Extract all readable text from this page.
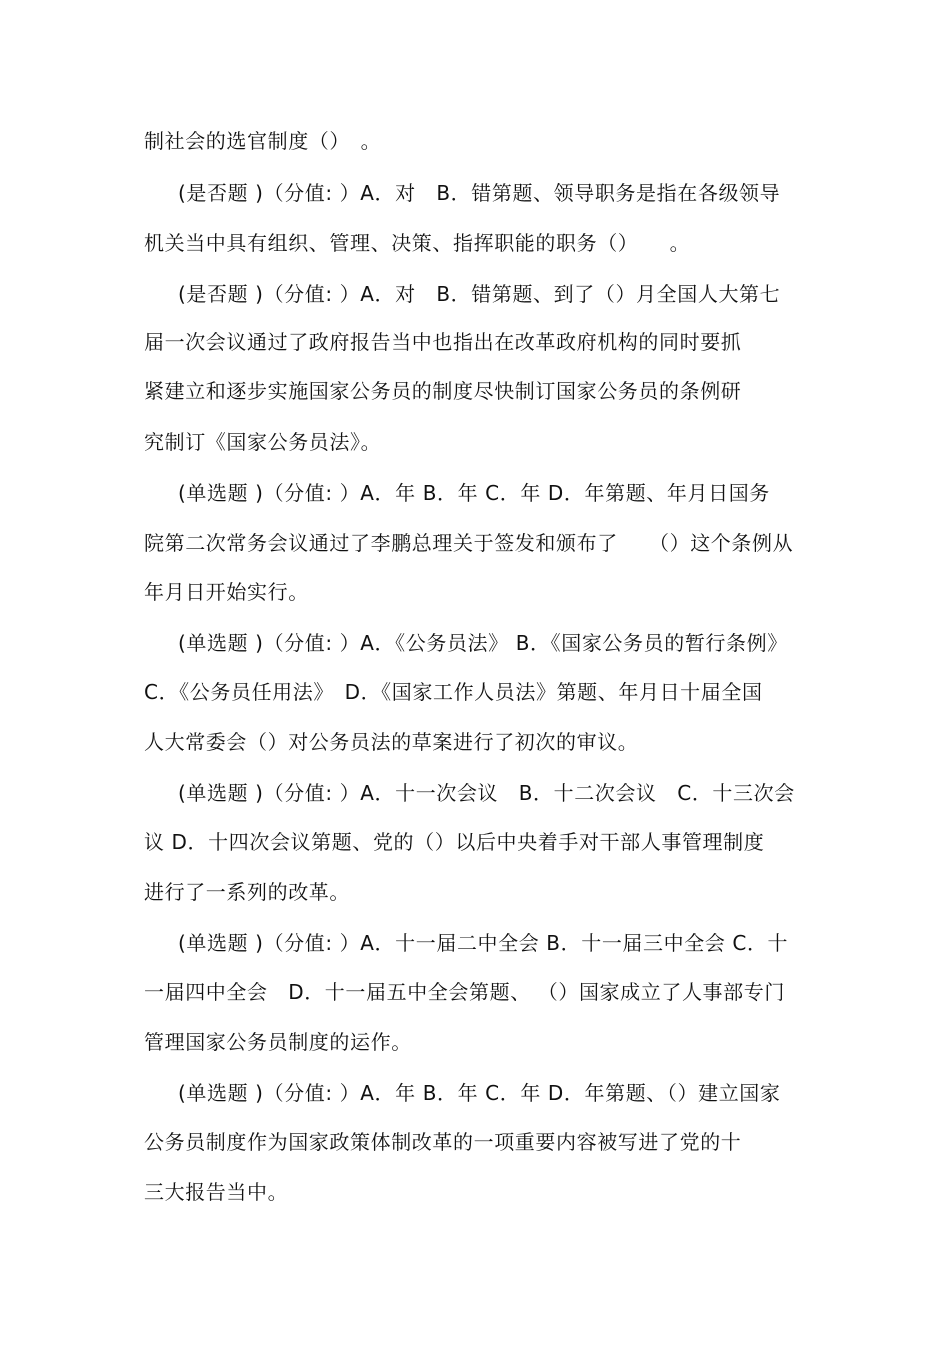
制社会的选官制度（）　。
(是否题 )（分值: ）A．对　B．错第题、领导职务是指在各级领导
机关当中具有组织、管理、决策、指挥职能的职务（）　　。
(是否题 )（分值: ）A．对　B．错第题、到了（）月全国人大第七
届一次会议通过了政府报告当中也指出在改革政府机构的同时要抓
紧建立和逐步实施国家公务员的制度尽快制订国家公务员的条例研
究制订《国家公务员法》。
(单选题 )（分值: ）A．年 B．年 C．年 D．年第题、年月日国务
院第二次常务会议通过了李鹏总理关于签发和颁布了　　（）这个条例从
年月日开始实行。
(单选题 )（分值: ）A．《公务员法》 B．《国家公务员的暂行条例》
C．《公务员任用法》　D．《国家工作人员法》第题、年月日十届全国
人大常委会（）对公务员法的草案进行了初次的审议。
(单选题 )（分值: ）A．十一次会议　B．十二次会议　C．十三次会
议 D．十四次会议第题、党的（）以后中央着手对干部人事管理制度
进行了一系列的改革。
(单选题 )（分值: ）A．十一届二中全会 B．十一届三中全会 C．十
一届四中全会　D．十一届五中全会第题、 （）国家成立了人事部专门
管理国家公务员制度的运作。
(单选题 )（分值: ）A．年 B．年 C．年 D．年第题、（）建立国家
公务员制度作为国家政策体制改革的一项重要内容被写进了党的十
三大报告当中。
